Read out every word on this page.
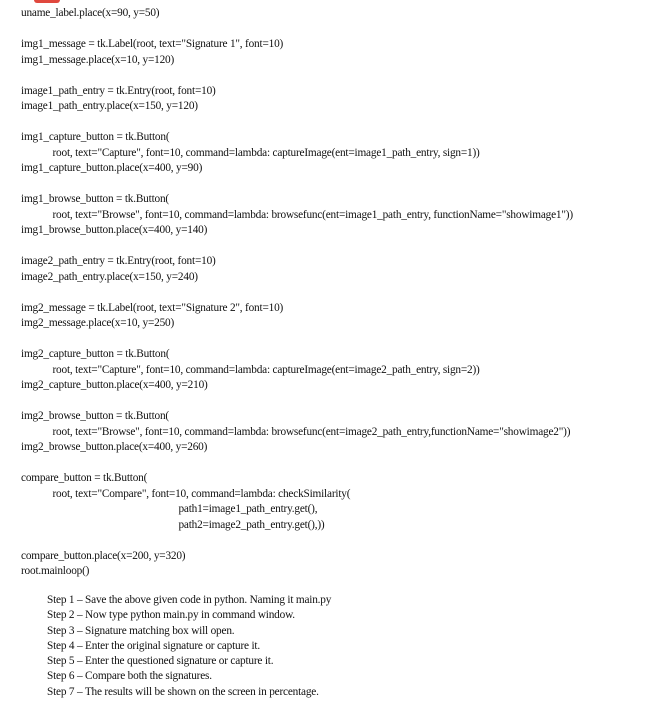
uname_label.place(x=90, y=50)
img1_message = tk.Label(root, text="Signature 1", font=10)
img1_message.place(x=10, y=120)
image1_path_entry = tk.Entry(root, font=10)
image1_path_entry.place(x=150, y=120)
img1_capture_button = tk.Button(
root, text="Capture", font=10, command=lambda: captureImage(ent=image1_path_entry, sign=1))
img1_capture_button.place(x=400, y=90)
img1_browse_button = tk.Button(
root, text="Browse", font=10, command=lambda: browsefunc(ent=image1_path_entry, functionName="showimage1"))
img1_browse_button.place(x=400, y=140)
image2_path_entry = tk.Entry(root, font=10)
image2_path_entry.place(x=150, y=240)
img2_message = tk.Label(root, text="Signature 2", font=10)
img2_message.place(x=10, y=250)
img2_capture_button = tk.Button(
root, text="Capture", font=10, command=lambda: captureImage(ent=image2_path_entry, sign=2))
img2_capture_button.place(x=400, y=210)
img2_browse_button = tk.Button(
root, text="Browse", font=10, command=lambda: browsefunc(ent=image2_path_entry,functionName="showimage2"))
img2_browse_button.place(x=400, y=260)
compare_button = tk.Button(
root, text="Compare", font=10, command=lambda: checkSimilarity(
path1=image1_path_entry.get(),
path2=image2_path_entry.get(),))
compare_button.place(x=200, y=320)
root.mainloop()
Step 1 – Save the above given code in python. Naming it main.py
Step 2 – Now type python main.py in command window.
Step 3 – Signature matching box will open.
Step 4 – Enter the original signature or capture it.
Step 5 – Enter the questioned signature or capture it.
Step 6 – Compare both the signatures.
Step 7 – The results will be shown on the screen in percentage.
